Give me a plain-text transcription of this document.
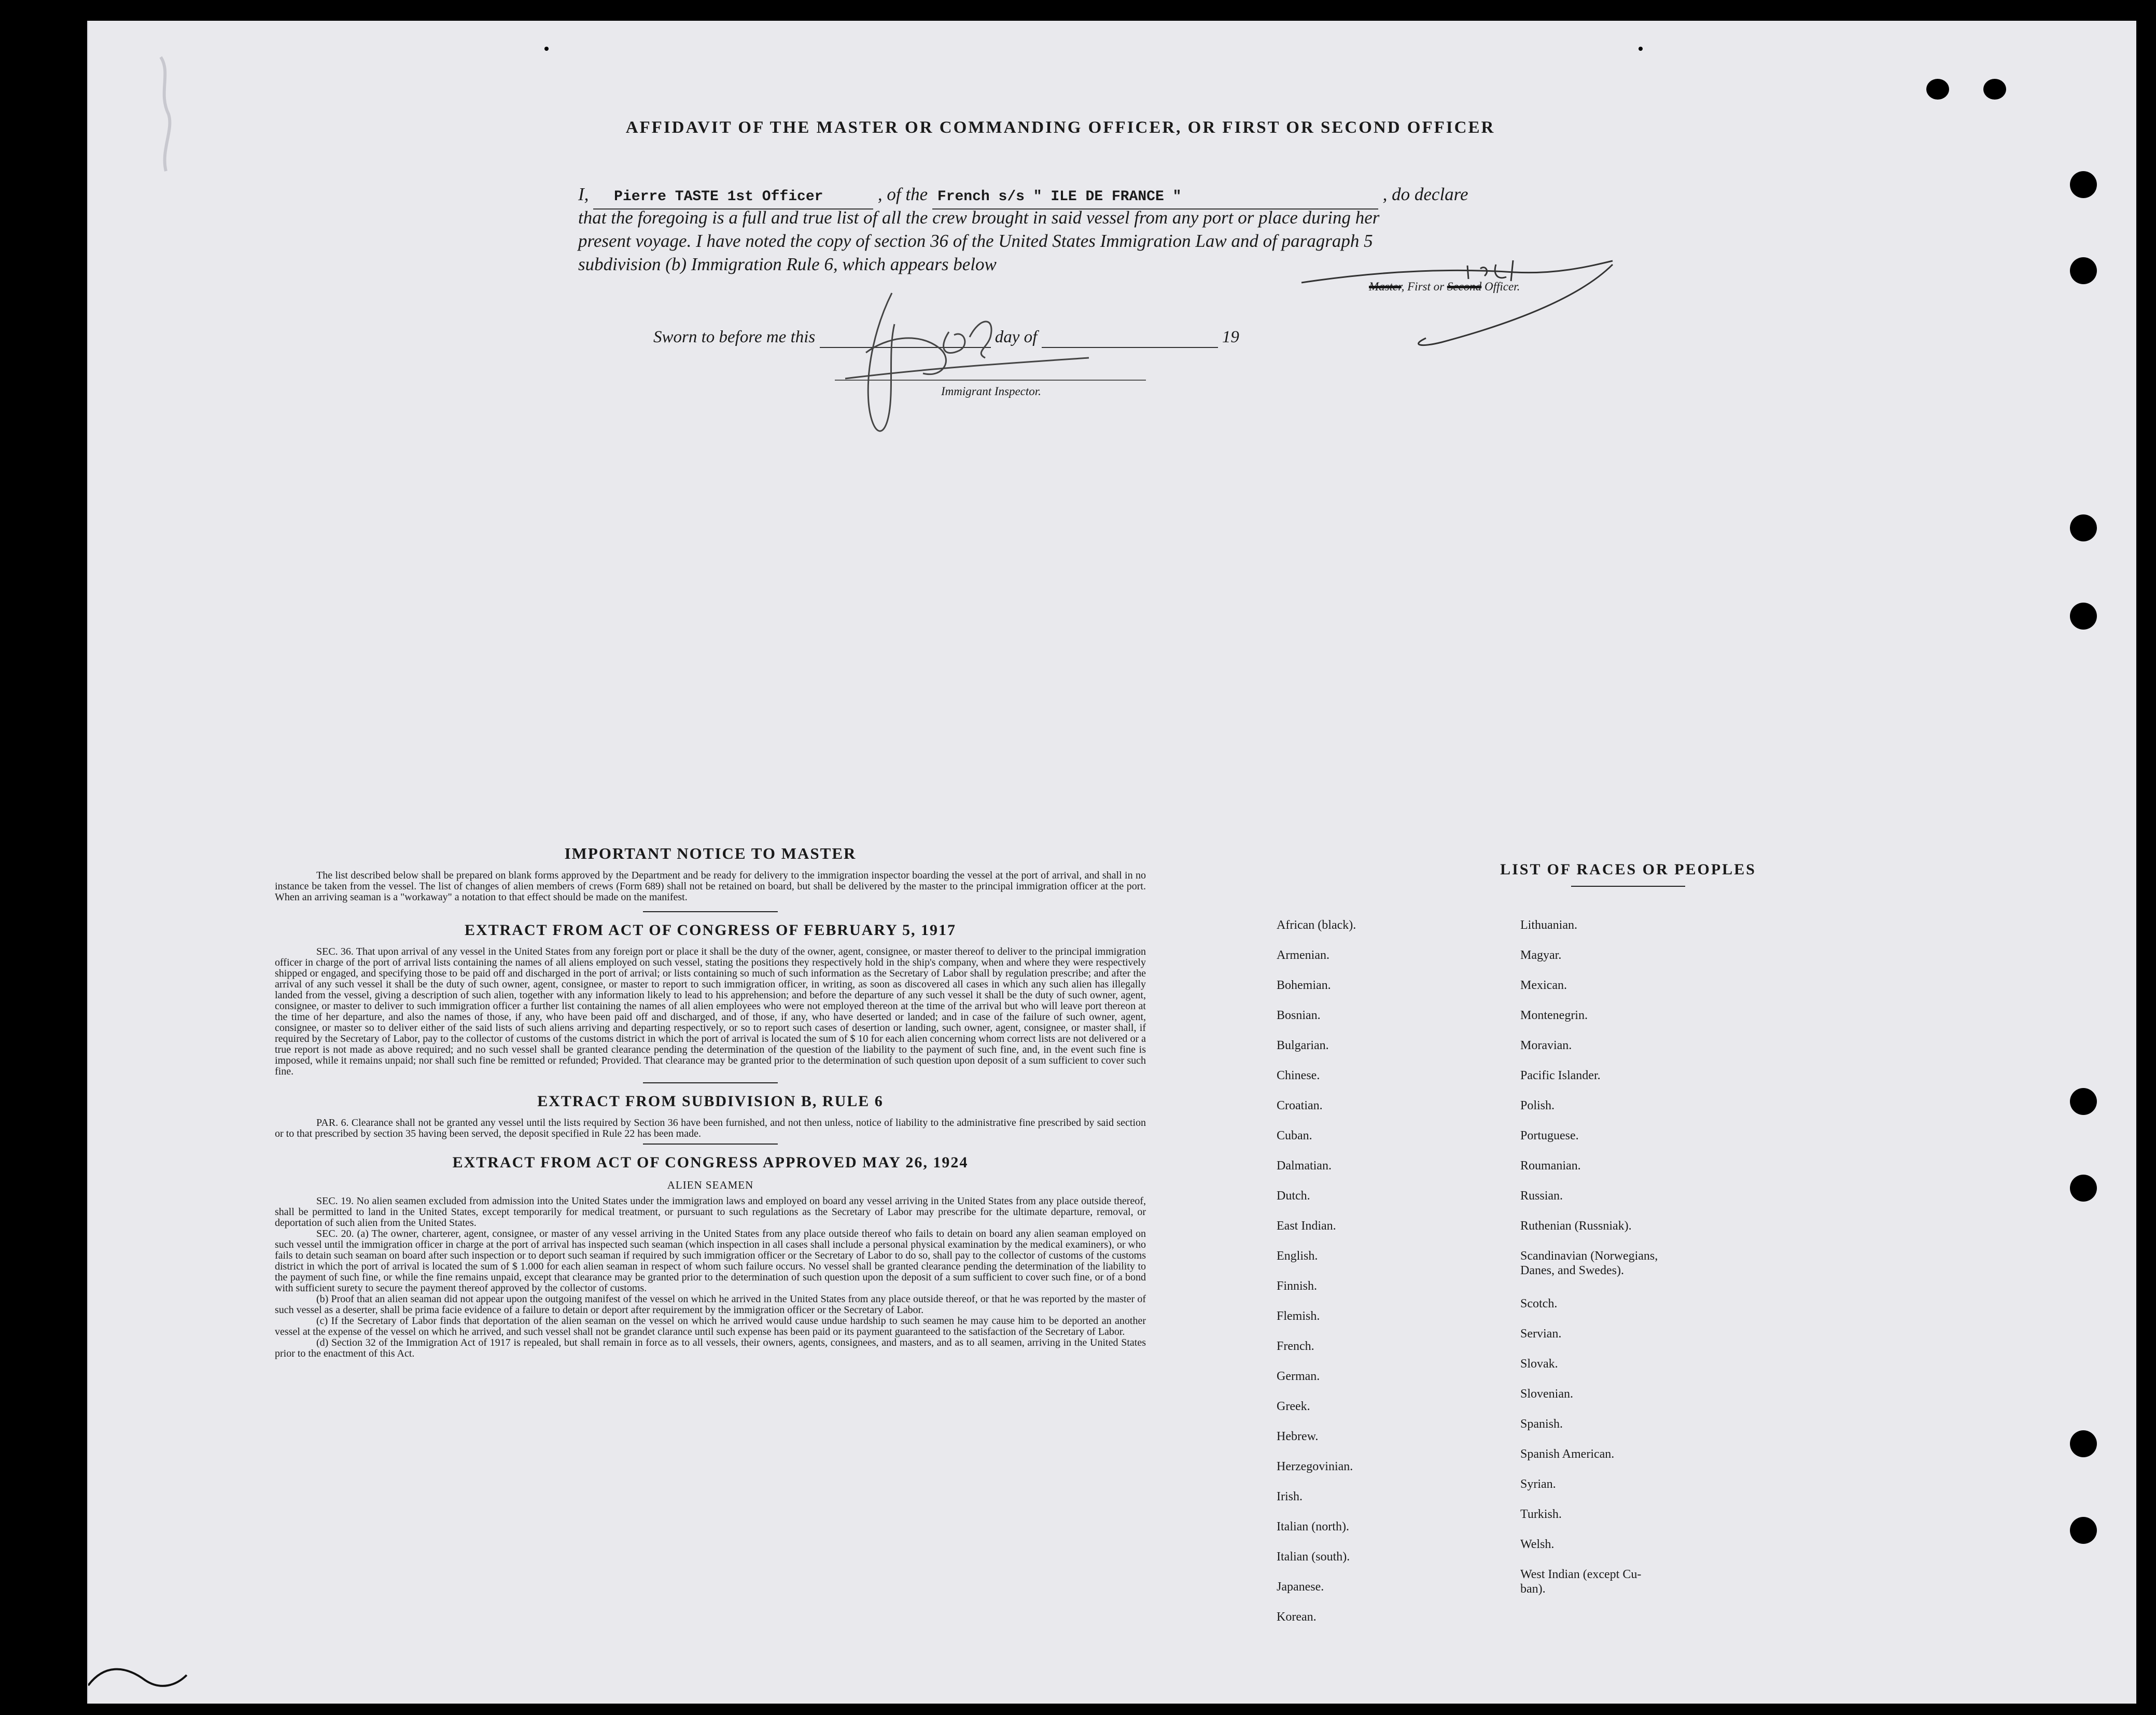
AFFIDAVIT OF THE MASTER OR COMMANDING OFFICER, OR FIRST OR SECOND OFFICER
I, Pierre TASTE 1st Officer	, of the French s/s " ILE DE FRANCE "	, do declare
that the foregoing is a full and true list of all the crew brought in said vessel from any port or place during her
present voyage. I have noted the copy of section 36 of the United States Immigration Law and of paragraph 5
subdivision (b) Immigration Rule 6, which appears below
Master, First or Second Officer.
Sworn to before me this	day of	19
Immigrant Inspector.
IMPORTANT NOTICE TO MASTER

The list described below shall be prepared on blank forms approved by the Department and be ready for delivery to the immigration inspector boarding the vessel at the port of arrival, and shall in no instance be taken from the vessel. The list of changes of alien members of crews (Form 689) shall not be retained on board, but shall be delivered by the master to the principal immigration officer at the port. When an arriving seaman is a "workaway" a notation to that effect should be made on the manifest.

EXTRACT FROM ACT OF CONGRESS OF FEBRUARY 5, 1917

SEC. 36. That upon arrival of any vessel in the United States from any foreign port or place it shall be the duty of the owner, agent, consignee, or master thereof to deliver to the principal immigration officer in charge of the port of arrival lists containing the names of all aliens employed on such vessel, stating the positions they respectively hold in the ship's company, when and where they were respectively shipped or engaged, and specifying those to be paid off and discharged in the port of arrival; or lists containing so much of such information as the Secretary of Labor shall by regulation prescribe; and after the arrival of any such vessel it shall be the duty of such owner, agent, consignee, or master to report to such immigration officer, in writing, as soon as discovered all cases in which any such alien has illegally landed from the vessel, giving a description of such alien, together with any information likely to lead to his apprehension; and before the departure of any such vessel it shall be the duty of such owner, agent, consignee, or master to deliver to such immigration officer a further list containing the names of all alien employees who were not employed thereon at the time of the arrival but who will leave port thereon at the time of her departure, and also the names of those, if any, who have been paid off and discharged, and of those, if any, who have deserted or landed; and in case of the failure of such owner, agent, consignee, or master so to deliver either of the said lists of such aliens arriving and departing respectively, or so to report such cases of desertion or landing, such owner, agent, consignee, or master shall, if required by the Secretary of Labor, pay to the collector of customs of the customs district in which the port of arrival is located the sum of $ 10 for each alien concerning whom correct lists are not delivered or a true report is not made as above required; and no such vessel shall be granted clearance pending the determination of the question of the liability to the payment of such fine, and, in the event such fine is imposed, while it remains unpaid; nor shall such fine be remitted or refunded; Provided. That clearance may be granted prior to the determination of such question upon deposit of a sum sufficient to cover such fine.

EXTRACT FROM SUBDIVISION B, RULE 6

PAR. 6. Clearance shall not be granted any vessel until the lists required by Section 36 have been furnished, and not then unless, notice of liability to the administrative fine prescribed by said section or to that prescribed by section 35 having been served, the deposit specified in Rule 22 has been made.

EXTRACT FROM ACT OF CONGRESS APPROVED MAY 26, 1924
ALIEN SEAMEN

SEC. 19. No alien seamen excluded from admission into the United States under the immigration laws and employed on board any vessel arriving in the United States from any place outside thereof, shall be permitted to land in the United States, except temporarily for medical treatment, or pursuant to such regulations as the Secretary of Labor may prescribe for the ultimate departure, removal, or deportation of such alien from the United States.

SEC. 20. (a) The owner, charterer, agent, consignee, or master of any vessel arriving in the United States from any place outside thereof who fails to detain on board any alien seaman employed on such vessel until the immigration officer in charge at the port of arrival has inspected such seaman (which inspection in all cases shall include a personal physical examination by the medical examiners), or who fails to detain such seaman on board after such inspection or to deport such seaman if required by such immigration officer or the Secretary of Labor to do so, shall pay to the collector of customs of the customs district in which the port of arrival is located the sum of $ 1.000 for each alien seaman in respect of whom such failure occurs. No vessel shall be granted clearance pending the determination of the liability to the payment of such fine, or while the fine remains unpaid, except that clearance may be granted prior to the determination of such question upon the deposit of a sum sufficient to cover such fine, or of a bond with sufficient surety to secure the payment thereof approved by the collector of customs.

(b) Proof that an alien seaman did not appear upon the outgoing manifest of the vessel on which he arrived in the United States from any place outside thereof, or that he was reported by the master of such vessel as a deserter, shall be prima facie evidence of a failure to detain or deport after requirement by the immigration officer or the Secretary of Labor.

(c) If the Secretary of Labor finds that deportation of the alien seaman on the vessel on which he arrived would cause undue hardship to such seamen he may cause him to be deported an another vessel at the expense of the vessel on which he arrived, and such vessel shall not be grandet clarance until such expense has been paid or its payment guaranteed to the satisfaction of the Secretary of Labor.

(d) Section 32 of the Immigration Act of 1917 is repealed, but shall remain in force as to all vessels, their owners, agents, consignees, and masters, and as to all seamen, arriving in the United States prior to the enactment of this Act.

LIST OF RACES OR PEOPLES

African (black).

Armenian.

Bohemian.

Bosnian.

Bulgarian.

Chinese.

Croatian.

Cuban.

Dalmatian.

Dutch.

East Indian.

English.

Finnish.

Flemish.

French.

German.

Greek.

Hebrew.

Herzegovinian.

Irish.

Italian (north).

Italian (south).

Japanese.

Korean.

Lithuanian.

Magyar.

Mexican.

Montenegrin.

Moravian.

Pacific Islander.

Polish.

Portuguese.

Roumanian.

Russian.

Ruthenian (Russniak).

Scandinavian (Norwegians,
Danes, and Swedes).

Scotch.

Servian.

Slovak.

Slovenian.

Spanish.

Spanish American.

Syrian.

Turkish.

Welsh.

West Indian (except Cu-
ban).
